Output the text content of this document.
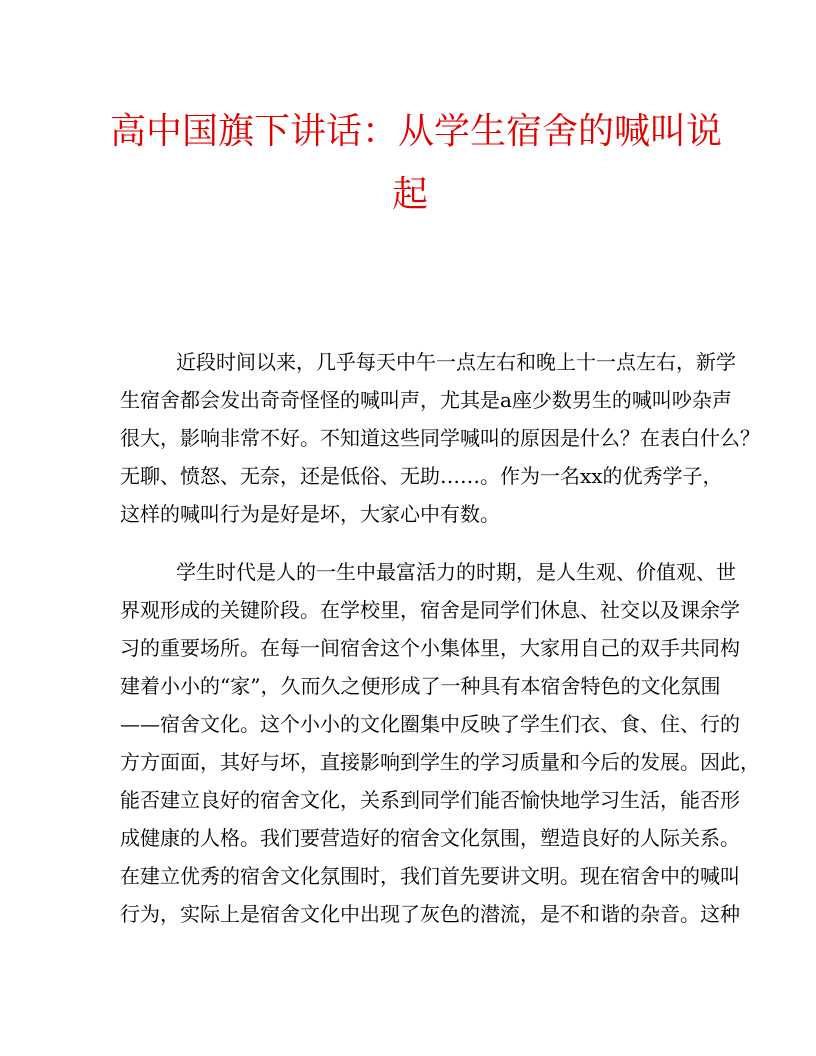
高中国旗下讲话：从学生宿舍的喊叫说
起
近段时间以来，几乎每天中午一点左右和晚上十一点左右，新学
生宿舍都会发出奇奇怪怪的喊叫声，尤其是a座少数男生的喊叫吵杂声
很大，影响非常不好。不知道这些同学喊叫的原因是什么？在表白什么？
无聊、愤怒、无奈，还是低俗、无助……。作为一名xx的优秀学子，
这样的喊叫行为是好是坏，大家心中有数。
学生时代是人的一生中最富活力的时期，是人生观、价值观、世
界观形成的关键阶段。在学校里，宿舍是同学们休息、社交以及课余学
习的重要场所。在每一间宿舍这个小集体里，大家用自己的双手共同构
建着小小的“家”，久而久之便形成了一种具有本宿舍特色的文化氛围
——宿舍文化。这个小小的文化圈集中反映了学生们衣、食、住、行的
方方面面，其好与坏，直接影响到学生的学习质量和今后的发展。因此，
能否建立良好的宿舍文化，关系到同学们能否愉快地学习生活，能否形
成健康的人格。我们要营造好的宿舍文化氛围，塑造良好的人际关系。
在建立优秀的宿舍文化氛围时，我们首先要讲文明。现在宿舍中的喊叫
行为，实际上是宿舍文化中出现了灰色的潜流，是不和谐的杂音。这种
